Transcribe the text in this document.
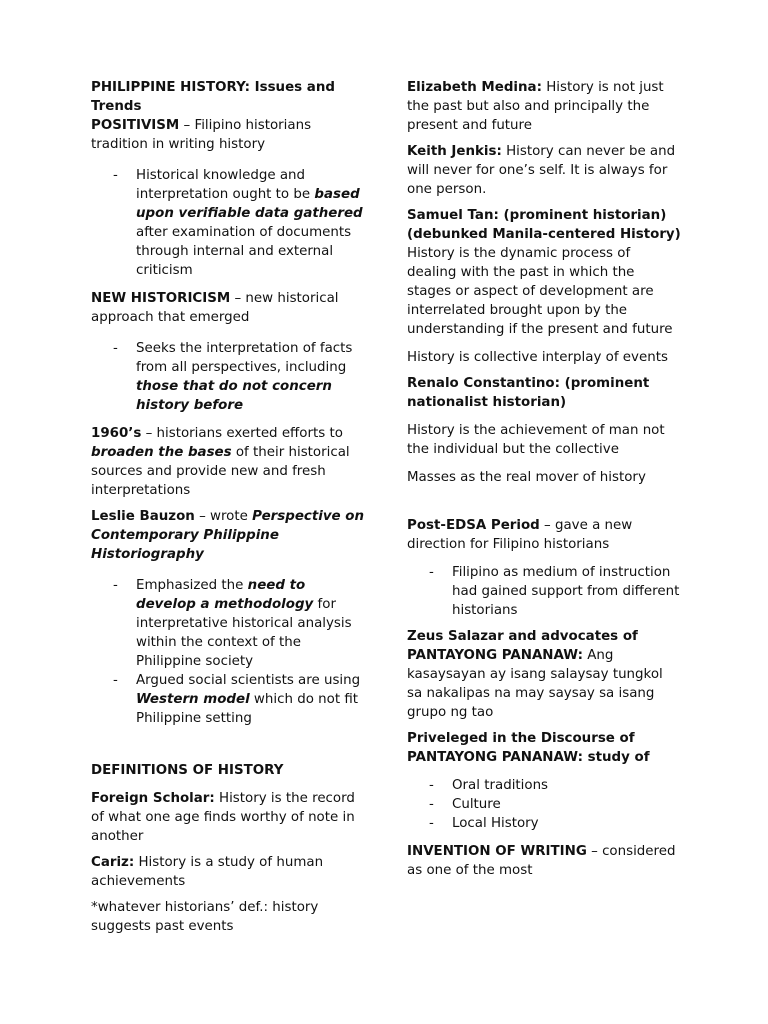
PHILIPPINE HISTORY: Issues and Trends

POSITIVISM – Filipino historians tradition in writing history

- Historical knowledge and interpretation ought to be based upon verifiable data gathered after examination of documents through internal and external criticism

NEW HISTORICISM – new historical approach that emerged

- Seeks the interpretation of facts from all perspectives, including those that do not concern history before

1960’s – historians exerted efforts to broaden the bases of their historical sources and provide new and fresh interpretations

Leslie Bauzon – wrote Perspective on Contemporary Philippine Historiography

- Emphasized the need to develop a methodology for interpretative historical analysis within the context of the Philippine society
- Argued social scientists are using Western model which do not fit Philippine setting

DEFINITIONS OF HISTORY

Foreign Scholar: History is the record of what one age finds worthy of note in another

Cariz: History is a study of human achievements

*whatever historians’ def.: history suggests past events

Elizabeth Medina: History is not just the past but also and principally the present and future

Keith Jenkis: History can never be and will never for one’s self. It is always for one person.

Samuel Tan: (prominent historian) (debunked Manila-centered History) History is the dynamic process of dealing with the past in which the stages or aspect of development are interrelated brought upon by the understanding if the present and future

History is collective interplay of events

Renalo Constantino: (prominent nationalist historian)

History is the achievement of man not the individual but the collective

Masses as the real mover of history

Post-EDSA Period – gave a new direction for Filipino historians

- Filipino as medium of instruction had gained support from different historians

Zeus Salazar and advocates of PANTAYONG PANANAW: Ang kasaysayan ay isang salaysay tungkol sa nakalipas na may saysay sa isang grupo ng tao

Priveleged in the Discourse of PANTAYONG PANANAW: study of

- Oral traditions
- Culture
- Local History

INVENTION OF WRITING – considered as one of the most
